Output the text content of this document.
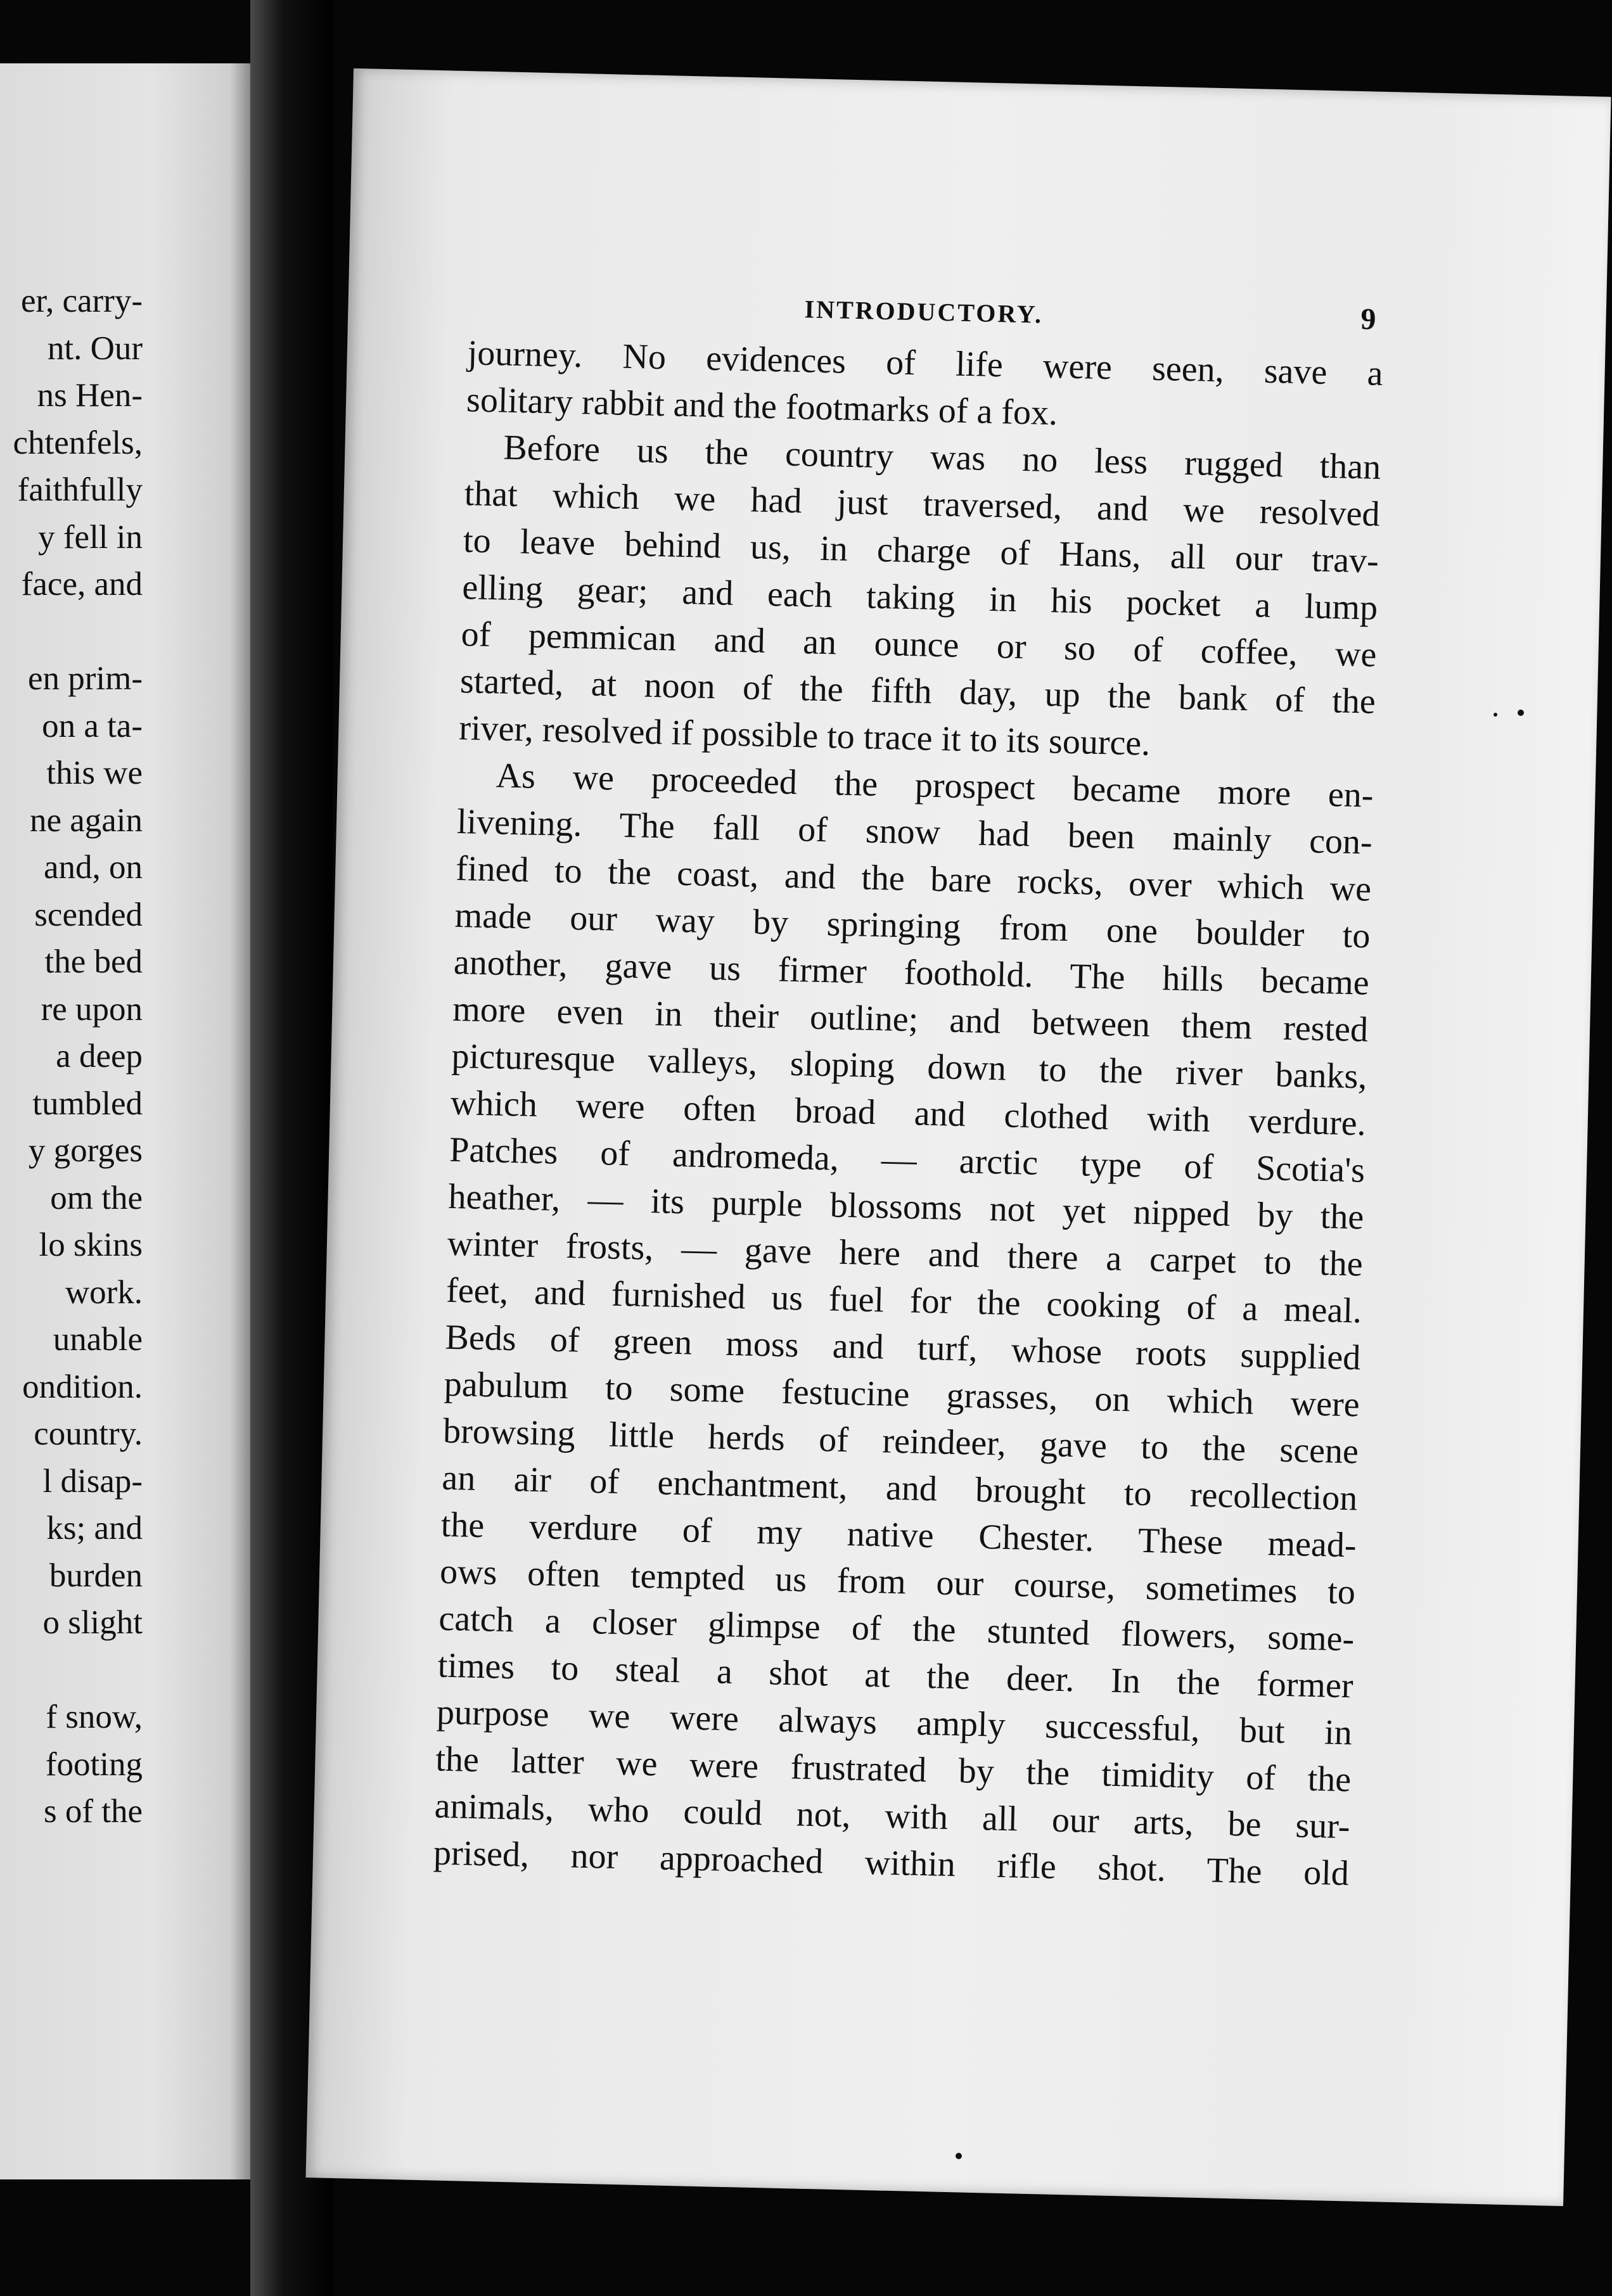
er, carry-
nt. Our
ns Hen-
chtenfels,
faithfully
y fell in
face, and
en prim-
on a ta-
this we
ne again
and, on
scended
the bed
re upon
a deep
tumbled
y gorges
om the
lo skins
work.
unable
ondition.
country.
l disap-
ks; and
burden
o slight
f snow,
footing
s of the
INTRODUCTORY.	9
journey. No evidences of life were seen, save a
solitary rabbit and the footmarks of a fox.
Before us the country was no less rugged than
that which we had just traversed, and we resolved
to leave behind us, in charge of Hans, all our trav-
elling gear; and each taking in his pocket a lump
of pemmican and an ounce or so of coffee, we
started, at noon of the fifth day, up the bank of the
river, resolved if possible to trace it to its source.
As we proceeded the prospect became more en-
livening. The fall of snow had been mainly con-
fined to the coast, and the bare rocks, over which we
made our way by springing from one boulder to
another, gave us firmer foothold. The hills became
more even in their outline; and between them rested
picturesque valleys, sloping down to the river banks,
which were often broad and clothed with verdure.
Patches of andromeda, — arctic type of Scotia's
heather, — its purple blossoms not yet nipped by the
winter frosts, — gave here and there a carpet to the
feet, and furnished us fuel for the cooking of a meal.
Beds of green moss and turf, whose roots supplied
pabulum to some festucine grasses, on which were
browsing little herds of reindeer, gave to the scene
an air of enchantment, and brought to recollection
the verdure of my native Chester. These mead-
ows often tempted us from our course, sometimes to
catch a closer glimpse of the stunted flowers, some-
times to steal a shot at the deer. In the former
purpose we were always amply successful, but in
the latter we were frustrated by the timidity of the
animals, who could not, with all our arts, be sur-
prised, nor approached within rifle shot. The old
